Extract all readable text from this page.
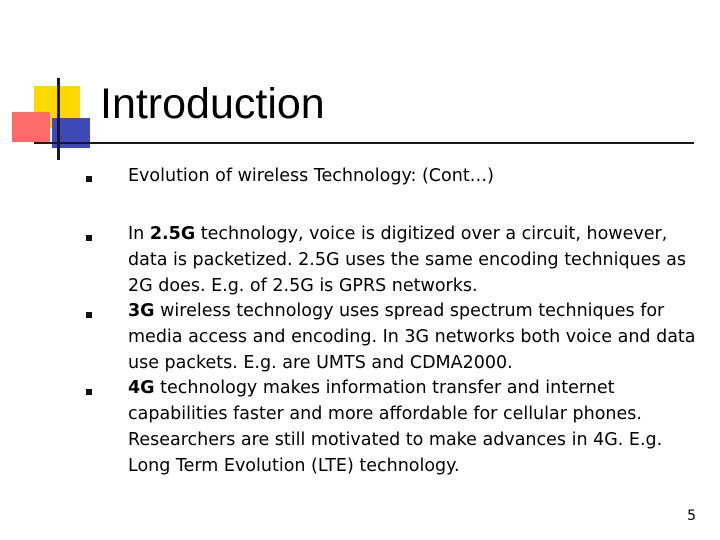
Introduction
Evolution of wireless Technology: (Cont…)
In 2.5G technology, voice is digitized over a circuit, however, data is packetized. 2.5G uses the same encoding techniques as 2G does. E.g. of 2.5G is GPRS networks.
3G wireless technology uses spread spectrum techniques for media access and encoding. In 3G networks both voice and data use packets. E.g. are UMTS and CDMA2000.
4G technology makes information transfer and internet capabilities faster and more affordable for cellular phones. Researchers are still motivated to make advances in 4G. E.g. Long Term Evolution (LTE) technology.
5
